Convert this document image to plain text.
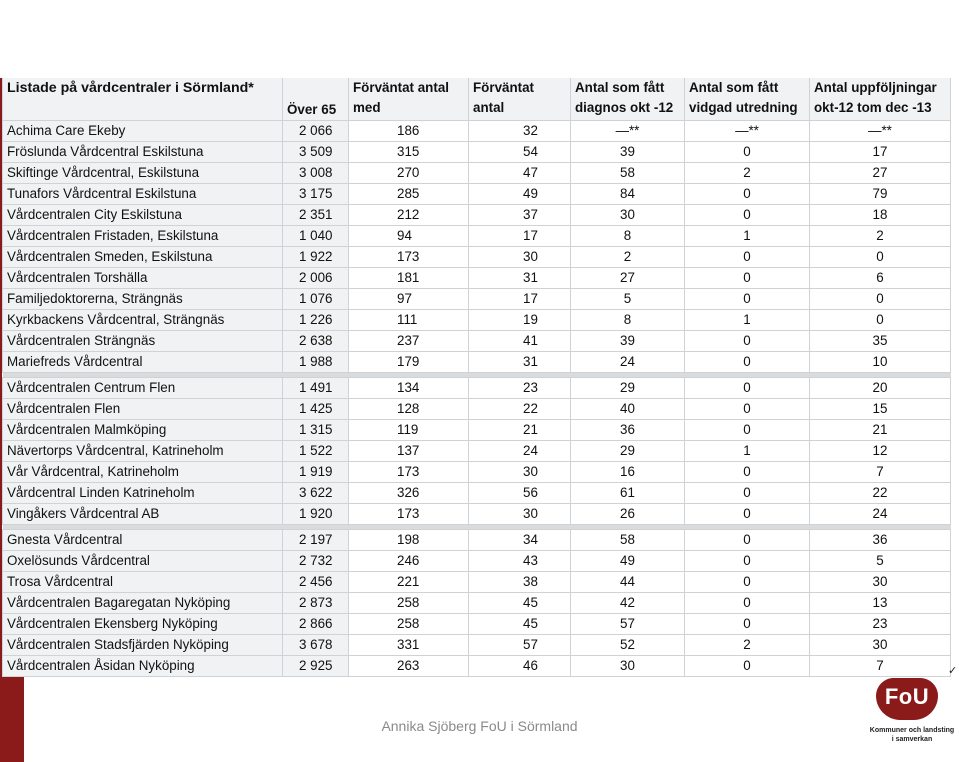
Listade på vårdcentraler i Sörmland*	Över 65	Förväntat antal med	Förväntat antal	Antal som fått diagnos okt -12	Antal som fått vidgad utredning	Antal uppföljningar okt-12 tom dec -13
Achima Care Ekeby	2 066	186	32	—**	—**	—**
Fröslunda Vårdcentral Eskilstuna	3 509	315	54	39	0	17
Skiftinge Vårdcentral, Eskilstuna	3 008	270	47	58	2	27
Tunafors Vårdcentral Eskilstuna	3 175	285	49	84	0	79
Vårdcentralen City Eskilstuna	2 351	212	37	30	0	18
Vårdcentralen Fristaden, Eskilstuna	1 040	94	17	8	1	2
Vårdcentralen Smeden, Eskilstuna	1 922	173	30	2	0	0
Vårdcentralen Torshälla	2 006	181	31	27	0	6
Familjedoktorerna, Strängnäs	1 076	97	17	5	0	0
Kyrkbackens Vårdcentral, Strängnäs	1 226	111	19	8	1	0
Vårdcentralen Strängnäs	2 638	237	41	39	0	35
Mariefreds Vårdcentral	1 988	179	31	24	0	10

Vårdcentralen Centrum Flen	1 491	134	23	29	0	20
Vårdcentralen Flen	1 425	128	22	40	0	15
Vårdcentralen Malmköping	1 315	119	21	36	0	21
Nävertorps Vårdcentral, Katrineholm	1 522	137	24	29	1	12
Vår Vårdcentral, Katrineholm	1 919	173	30	16	0	7
Vårdcentral Linden Katrineholm	3 622	326	56	61	0	22
Vingåkers Vårdcentral AB	1 920	173	30	26	0	24

Gnesta Vårdcentral	2 197	198	34	58	0	36
Oxelösunds Vårdcentral	2 732	246	43	49	0	5
Trosa Vårdcentral	2 456	221	38	44	0	30
Vårdcentralen Bagaregatan Nyköping	2 873	258	45	42	0	13
Vårdcentralen Ekensberg Nyköping	2 866	258	45	57	0	23
Vårdcentralen Stadsfjärden Nyköping	3 678	331	57	52	2	30
Vårdcentralen Åsidan Nyköping	2 925	263	46	30	0	7
Annika Sjöberg FoU i Sörmland
✓
FoU
Kommuner och landsting
i samverkan
